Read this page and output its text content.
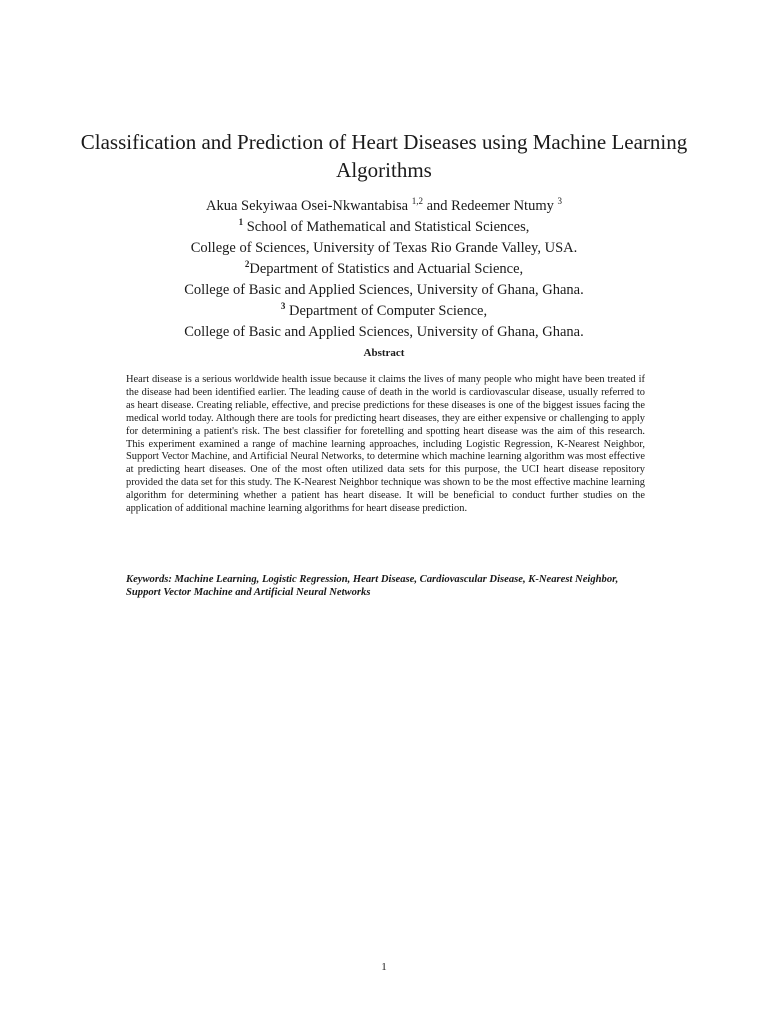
Classification and Prediction of Heart Diseases using Machine Learning Algorithms
Akua Sekyiwaa Osei-Nkwantabisa $^{1,2}$ and Redeemer Ntumy $^3$
$^1$ School of Mathematical and Statistical Sciences,
College of Sciences, University of Texas Rio Grande Valley, USA.
$^2$Department of Statistics and Actuarial Science,
College of Basic and Applied Sciences, University of Ghana, Ghana.
$^3$ Department of Computer Science,
College of Basic and Applied Sciences, University of Ghana, Ghana.
Abstract

Heart disease is a serious worldwide health issue because it claims the lives of many people who might have been treated if the disease had been identified earlier. The leading cause of death in the world is cardiovascular disease, usually referred to as heart disease. Creating reliable, effective, and precise predictions for these diseases is one of the biggest issues facing the medical world today. Although there are tools for predicting heart diseases, they are either expensive or challenging to apply for determining a patient's risk. The best classifier for foretelling and spotting heart disease was the aim of this research. This experiment examined a range of machine learning approaches, including Logistic Regression, K-Nearest Neighbor, Support Vector Machine, and Artificial Neural Networks, to determine which machine learning algorithm was most effective at predicting heart diseases. One of the most often utilized data sets for this purpose, the UCI heart disease repository provided the data set for this study. The K-Nearest Neighbor technique was shown to be the most effective machine learning algorithm for determining whether a patient has heart disease. It will be beneficial to conduct further studies on the application of additional machine learning algorithms for heart disease prediction.

Keywords: Machine Learning, Logistic Regression, Heart Disease, Cardiovascular Disease, K-Nearest Neighbor, Support Vector Machine and Artificial Neural Networks

1
